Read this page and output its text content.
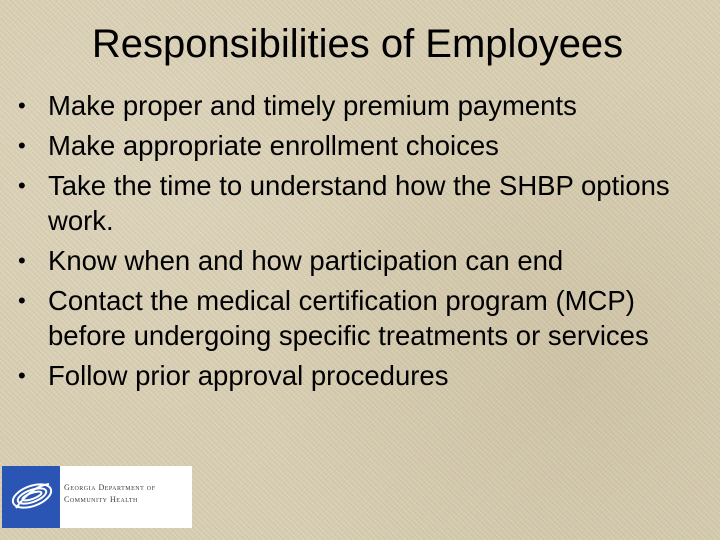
Responsibilities of Employees
• Make proper and timely premium payments
• Make appropriate enrollment choices
• Take the time to understand how the SHBP options work.
• Know when and how participation can end
• Contact the medical certification program (MCP) before undergoing specific treatments or services
• Follow prior approval procedures
Georgia Department of
Community Health
